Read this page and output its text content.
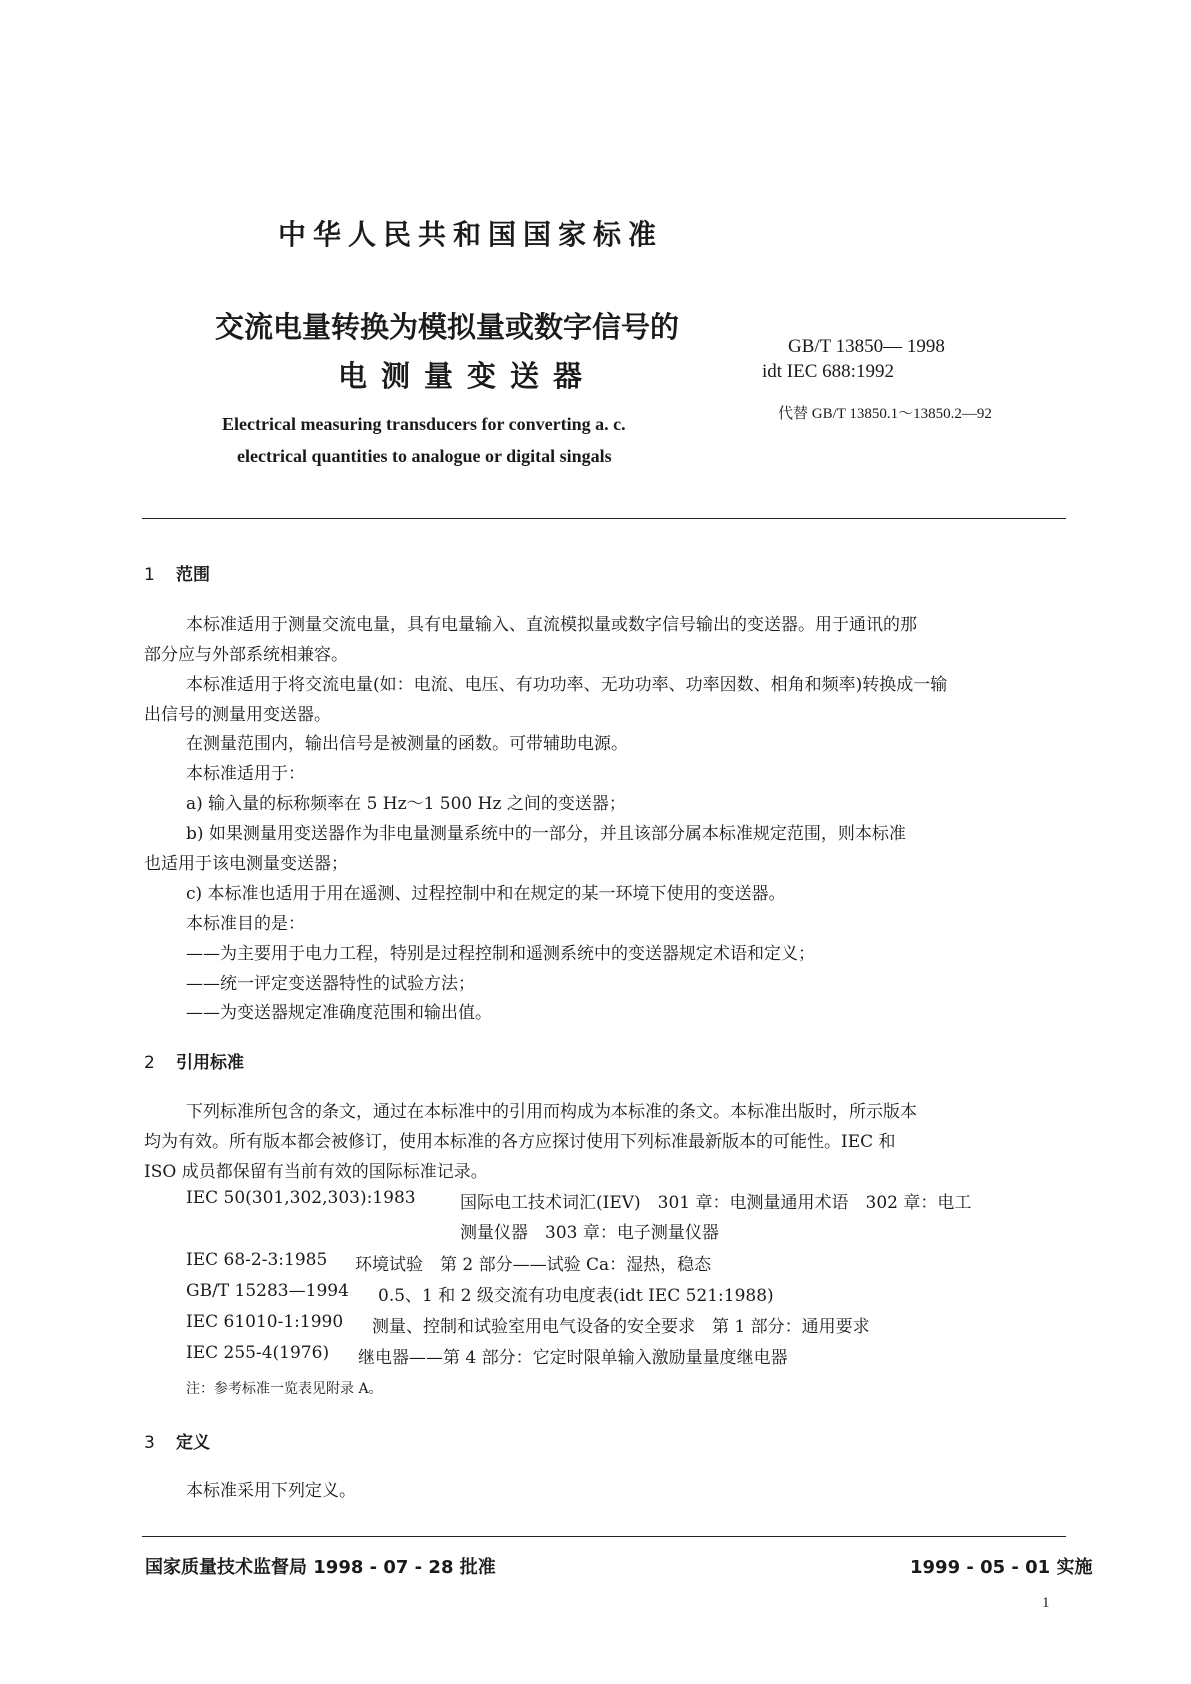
中华人民共和国国家标准
交流电量转换为模拟量或数字信号的
电测量变送器
GB/T 13850— 1998
idt IEC 688:1992
代替 GB/T 13850.1～13850.2—92
Electrical measuring transducers for converting a. c.
electrical quantities to analogue or digital singals
1 范围
本标准适用于测量交流电量，具有电量输入、直流模拟量或数字信号输出的变送器。用于通讯的那
部分应与外部系统相兼容。
本标准适用于将交流电量(如：电流、电压、有功功率、无功功率、功率因数、相角和频率)转换成一输
出信号的测量用变送器。
在测量范围内，输出信号是被测量的函数。可带辅助电源。
本标准适用于：
a) 输入量的标称频率在 5 Hz～1 500 Hz 之间的变送器；
b) 如果测量用变送器作为非电量测量系统中的一部分，并且该部分属本标准规定范围，则本标准
也适用于该电测量变送器；
c) 本标准也适用于用在遥测、过程控制中和在规定的某一环境下使用的变送器。
本标准目的是：
——为主要用于电力工程，特别是过程控制和遥测系统中的变送器规定术语和定义；
——统一评定变送器特性的试验方法；
——为变送器规定准确度范围和输出值。
2 引用标准
下列标准所包含的条文，通过在本标准中的引用而构成为本标准的条文。本标准出版时，所示版本
均为有效。所有版本都会被修订，使用本标准的各方应探讨使用下列标准最新版本的可能性。IEC 和
ISO 成员都保留有当前有效的国际标准记录。
IEC 50(301,302,303):1983	国际电工技术词汇(IEV)　301 章：电测量通用术语　302 章：电工
测量仪器　303 章：电子测量仪器
IEC 68-2-3:1985 环境试验　第 2 部分——试验 Ca：湿热，稳态
GB/T 15283—1994 0.5、1 和 2 级交流有功电度表(idt IEC 521:1988)
IEC 61010-1:1990 测量、控制和试验室用电气设备的安全要求　第 1 部分：通用要求
IEC 255-4(1976) 继电器——第 4 部分：它定时限单输入激励量量度继电器
注：参考标准一览表见附录 A。
3 定义
本标准采用下列定义。
国家质量技术监督局 1998 - 07 - 28 批准	1999 - 05 - 01 实施
1
